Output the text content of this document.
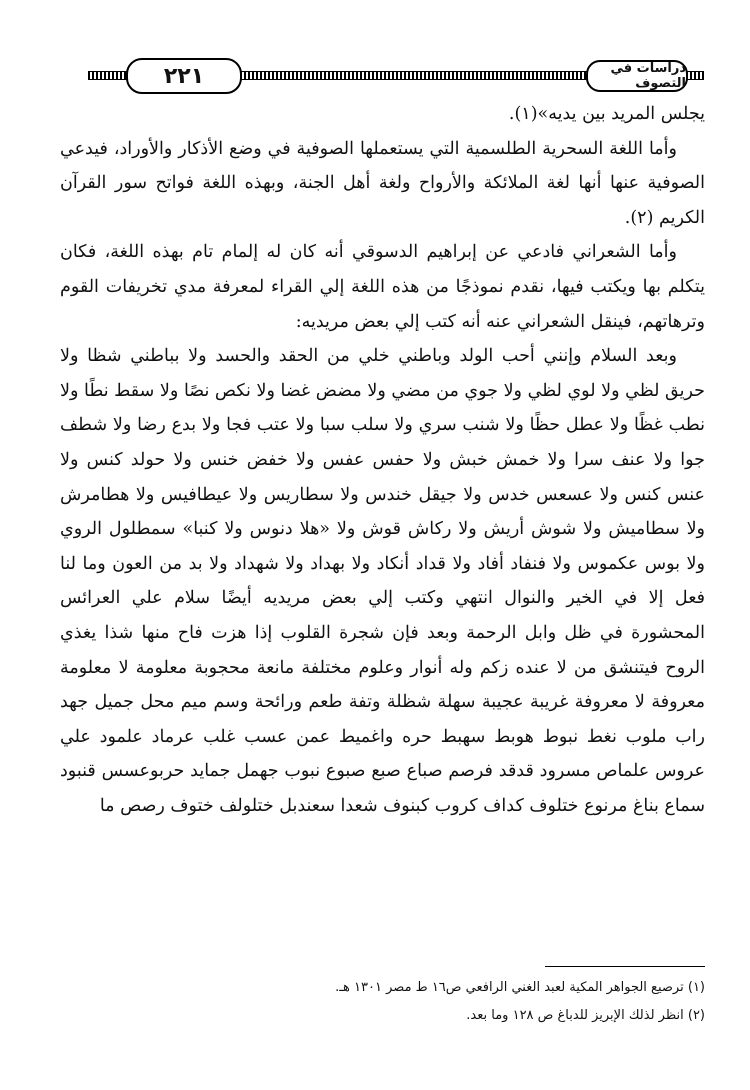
٢٢١	دراسات في التصوف

يجلس المريد بين يديه»(١).

وأما اللغة السحرية الطلسمية التي يستعملها الصوفية في وضع الأذكار والأوراد، فيدعي الصوفية عنها أنها لغة الملائكة والأرواح ولغة أهل الجنة، وبهذه اللغة فواتح سور القرآن الكريم (٢).

وأما الشعراني فادعي عن إبراهيم الدسوقي أنه كان له إلمام تام بهذه اللغة، فكان يتكلم بها ويكتب فيها، نقدم نموذجًا من هذه اللغة إلي القراء لمعرفة مدي تخريفات القوم وترهاتهم، فينقل الشعراني عنه أنه كتب إلي بعض مريديه:

وبعد السلام وإنني أحب الولد وباطني خلي من الحقد والحسد ولا بباطني شظا ولا حريق لظي ولا لوي لظي ولا جوي من مضي ولا مضض غضا ولا نكص نصًا ولا سقط نطًا ولا نطب غظًا ولا عطل حظًا ولا شنب سري ولا سلب سبا ولا عتب فجا ولا بدع رضا ولا شطف جوا ولا عنف سرا ولا خمش خبش ولا حفس عفس ولا خفض خنس ولا حولد كنس ولا عنس كنس ولا عسعس خدس ولا جيقل خندس ولا سطاريس ولا عيطافيس ولا هطامرش ولا سطاميش ولا شوش أريش ولا ركاش قوش ولا «هلا دنوس ولا كنبا» سمطلول الروي ولا بوس عكموس ولا فنفاد أفاد ولا قداد أنكاد ولا بهداد ولا شهداد ولا بد من العون وما لنا فعل إلا في الخير والنوال انتهي وكتب إلي بعض مريديه أيضًا سلام علي العرائس المحشورة في ظل وابل الرحمة وبعد فإن شجرة القلوب إذا هزت فاح منها شذا يغذي الروح فيتنشق من لا عنده زكم وله أنوار وعلوم مختلفة مانعة محجوبة معلومة لا معلومة معروفة لا معروفة غريبة عجيبة سهلة شظلة وتفة طعم ورائحة وسم ميم محل جميل جهد راب ملوب نغط نبوط هوبط سهبط حره واغميط عمن عسب غلب عرماد علمود علي عروس علماص مسرود قدقد فرصم صباع صبع صبوع نبوب جهمل جمايد حربوعسس قنبود سماع بناغ مرنوع ختلوف كداف كروب كبنوف شعدا سعندبل ختلولف ختوف رصص ما

(١) ترصيع الجواهر المكية لعبد الغني الرافعي ص١٦ ط مصر ١٣٠١ هـ.

(٢) انظر لذلك الإبريز للدباغ ص ١٢٨ وما بعد.
